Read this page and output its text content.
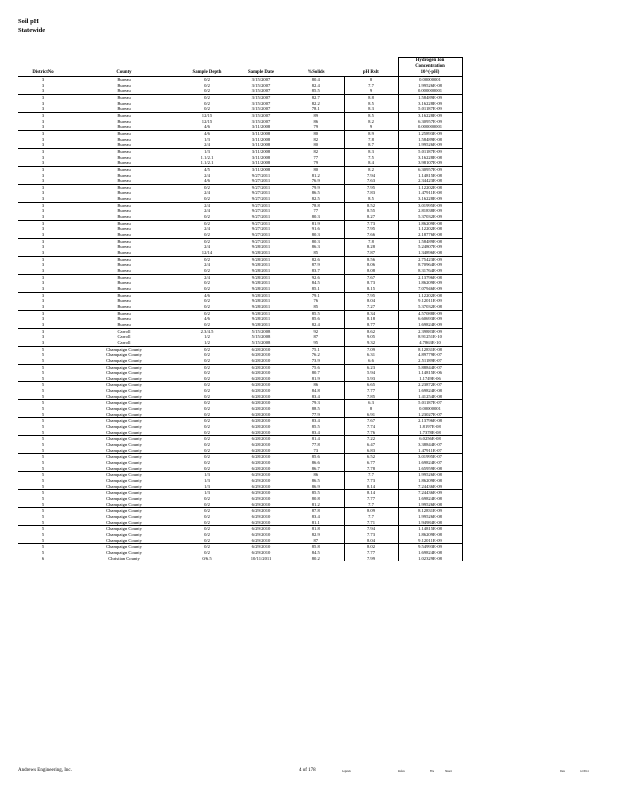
Soil pH
Statewide
DistrictNo	County	Sample Depth	Sample Date	%Solids	pH Rslt	Hydrogen Ion
Concentration
10^(-pH)

3	Bureau	0/2	3/15/2007	80.4	8	0.00000001
3	Bureau	0/2	3/15/2007	82.4	7.7	1.99526E-08
3	Bureau	0/2	3/15/2007	85.5	9	0.000000001
3	Bureau	0/2	3/15/2007	82.7	8.8	1.58489E-09
3	Bureau	0/2	3/15/2007	82.2	8.5	3.16228E-09
3	Bureau	0/2	3/15/2007	78.1	8.3	5.01187E-09
3	Bureau	12/15	3/15/2007	89	8.5	3.16228E-09
3	Bureau	12/15	3/15/2007	86	8.2	6.30957E-09
3	Bureau	4/6	3/11/2008	79	9	0.000000001
3	Bureau	4/6	3/11/2008	80	8.9	1.25893E-09
3	Bureau	1/3	3/11/2008	82	7.8	1.58489E-08
3	Bureau	2/4	3/11/2008	80	8.7	1.99526E-09
3	Bureau	1/3	3/11/2008	82	8.3	5.01187E-09
3	Bureau	1.1/2.1	3/11/2008	77	7.5	3.16228E-08
3	Bureau	1.1/2.1	3/11/2008	79	8.4	3.98107E-09
3	Bureau	4/5	3/11/2008	80	8.2	6.30957E-09
3	Bureau	2/4	9/27/2011	81.2	7.94	1.14815E-08
3	Bureau	4/6	9/27/2011	76.9	7.63	2.34423E-08
3	Bureau	0/2	9/27/2011	79.9	7.95	1.12202E-08
3	Bureau	2/4	9/27/2011	86.5	7.83	1.47911E-08
3	Bureau	0/2	9/27/2011	82.5	8.5	3.16228E-09
3	Bureau	2/4	9/27/2011	78.8	8.52	3.01995E-09
3	Bureau	2/4	9/27/2011	77	8.55	2.81838E-09
3	Bureau	0/2	9/27/2011	80.3	8.27	5.37032E-09
3	Bureau	0/2	9/27/2011	81.9	7.73	1.86209E-08
3	Bureau	2/4	9/27/2011	91.6	7.95	1.12202E-08
3	Bureau	0/2	9/27/2011	80.3	7.66	2.18776E-08
3	Bureau	0/2	9/27/2011	80.3	7.8	1.58489E-08
3	Bureau	2/4	9/28/2011	86.3	8.28	5.24807E-09
3	Bureau	12/14	9/28/2011	85	7.87	1.34896E-08
3	Bureau	0/2	9/28/2011	82.6	8.56	2.75423E-09
3	Bureau	2/4	9/28/2011	87.9	8.06	8.70964E-09
3	Bureau	0/2	9/28/2011	83.7	8.08	8.31764E-09
3	Bureau	2/4	9/28/2011	92.6	7.67	2.13796E-08
3	Bureau	0/2	9/28/2011	84.5	8.73	1.86209E-09
3	Bureau	0/2	9/28/2011	85.1	8.15	7.07946E-09
3	Bureau	4/6	9/28/2011	79.1	7.95	1.12202E-08
3	Bureau	0/2	9/28/2011	76	8.04	9.12011E-09
3	Bureau	0/2	9/28/2011	85	7.27	5.37032E-08
3	Bureau	0/2	9/28/2011	85.5	8.34	4.57088E-09
3	Bureau	4/6	9/28/2011	85.6	8.18	6.60693E-09
3	Bureau	0/2	9/28/2011	82.4	8.77	1.69824E-09
3	Carroll	2.3/4.5	5/15/2008	92	8.62	2.39883E-09
3	Carroll	1/2	5/15/2008	87	9.05	8.91251E-10
3	Carroll	1/2	5/15/2008	95	9.32	4.7863E-10
5	Champaign County	0/2	6/28/2010	75.1	7.09	8.12831E-08
5	Champaign County	0/2	6/28/2010	76.2	6.31	4.89779E-07
5	Champaign County	0/2	6/28/2010	73.9	6.6	2.51189E-07
5	Champaign County	0/2	6/28/2010	75.6	6.23	5.88844E-07
5	Champaign County	0/2	6/28/2010	80.7	5.94	1.14815E-06
5	Champaign County	0/2	6/28/2010	81.9	5.93	1.1749E-06
5	Champaign County	0/2	6/28/2010	86	6.65	2.23872E-07
5	Champaign County	0/2	6/28/2010	84.8	7.77	1.69824E-08
5	Champaign County	0/2	6/28/2010	83.4	7.85	1.41254E-08
5	Champaign County	0/2	6/28/2010	79.3	6.3	5.01187E-07
5	Champaign County	0/2	6/28/2010	88.5	8	0.00000001
5	Champaign County	0/2	6/28/2010	77.9	6.91	1.23027E-07
5	Champaign County	0/2	6/28/2010	83.4	7.67	2.13796E-08
5	Champaign County	0/2	6/28/2010	85.5	7.74	1.8197E-08
5	Champaign County	0/2	6/28/2010	83.4	7.76	1.7378E-08
5	Champaign County	0/2	6/28/2010	81.4	7.22	6.0256E-08
5	Champaign County	0/2	6/28/2010	77.8	6.47	3.38844E-07
5	Champaign County	0/2	6/28/2010	73	6.83	1.47911E-07
5	Champaign County	0/2	6/28/2010	85.6	6.52	3.01995E-07
5	Champaign County	0/2	6/28/2010	86.6	6.77	1.69824E-07
5	Champaign County	0/2	6/28/2010	86.7	7.78	1.65959E-08
5	Champaign County	1/3	6/29/2010	86	7.7	1.99526E-08
5	Champaign County	1/3	6/29/2010	86.5	7.73	1.86209E-08
5	Champaign County	1/3	6/29/2010	86.9	8.14	7.24436E-09
5	Champaign County	1/3	6/29/2010	85.5	8.14	7.24436E-09
5	Champaign County	0/2	6/29/2010	80.8	7.77	1.69824E-08
5	Champaign County	0/2	6/29/2010	81.2	7.7	1.99526E-08
5	Champaign County	0/2	6/29/2010	87.8	8.09	8.12831E-09
5	Champaign County	0/2	6/29/2010	83.4	7.7	1.99526E-08
5	Champaign County	0/2	6/29/2010	81.1	7.71	1.94984E-08
5	Champaign County	0/2	6/29/2010	81.8	7.94	1.14815E-08
5	Champaign County	0/2	6/29/2010	82.9	7.73	1.86209E-08
5	Champaign County	0/2	6/29/2010	87	8.04	9.12011E-09
5	Champaign County	0/2	6/29/2010	85.8	8.02	9.54993E-09
5	Champaign County	0/2	6/29/2010	84.5	7.77	1.69824E-08
6	Christian County	0/6.5	10/11/2011	80.2	7.99	1.02329E-08
Andrews Engineering, Inc.	4 of 178	Legends	Refers	File	Sheet1	Date	12/2014
